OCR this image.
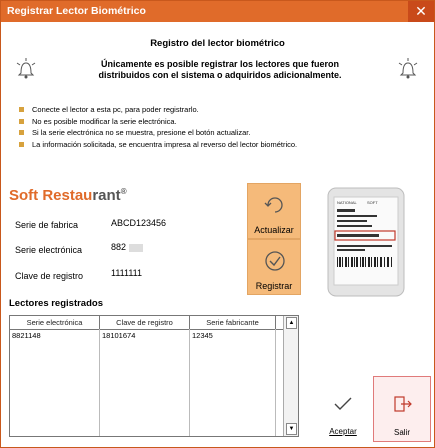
Registrar Lector Biométrico	✕
Registro del lector biométrico
Únicamente es posible registrar los lectores que fueron
distribuidos con el sistema o adquiridos adicionalmente.
Conecte el lector a esta pc, para poder registrarlo.
No es posible modificar la serie electrónica.
Si la serie electrónica no se muestra, presione el botón actualizar.
La información solicitada, se encuentra impresa al reverso del lector biométrico.
Soft Restaurant®
Serie de fabrica	ABCD123456
Serie electrónica	882
Clave de registro	1111111
Actualizar
Registrar
NATIONAL	SOFT
Lectores registrados
Serie electrónica	Clave de registro	Serie fabricante
8821148	18101674	12345
▲
▼	Aceptar	Salir
